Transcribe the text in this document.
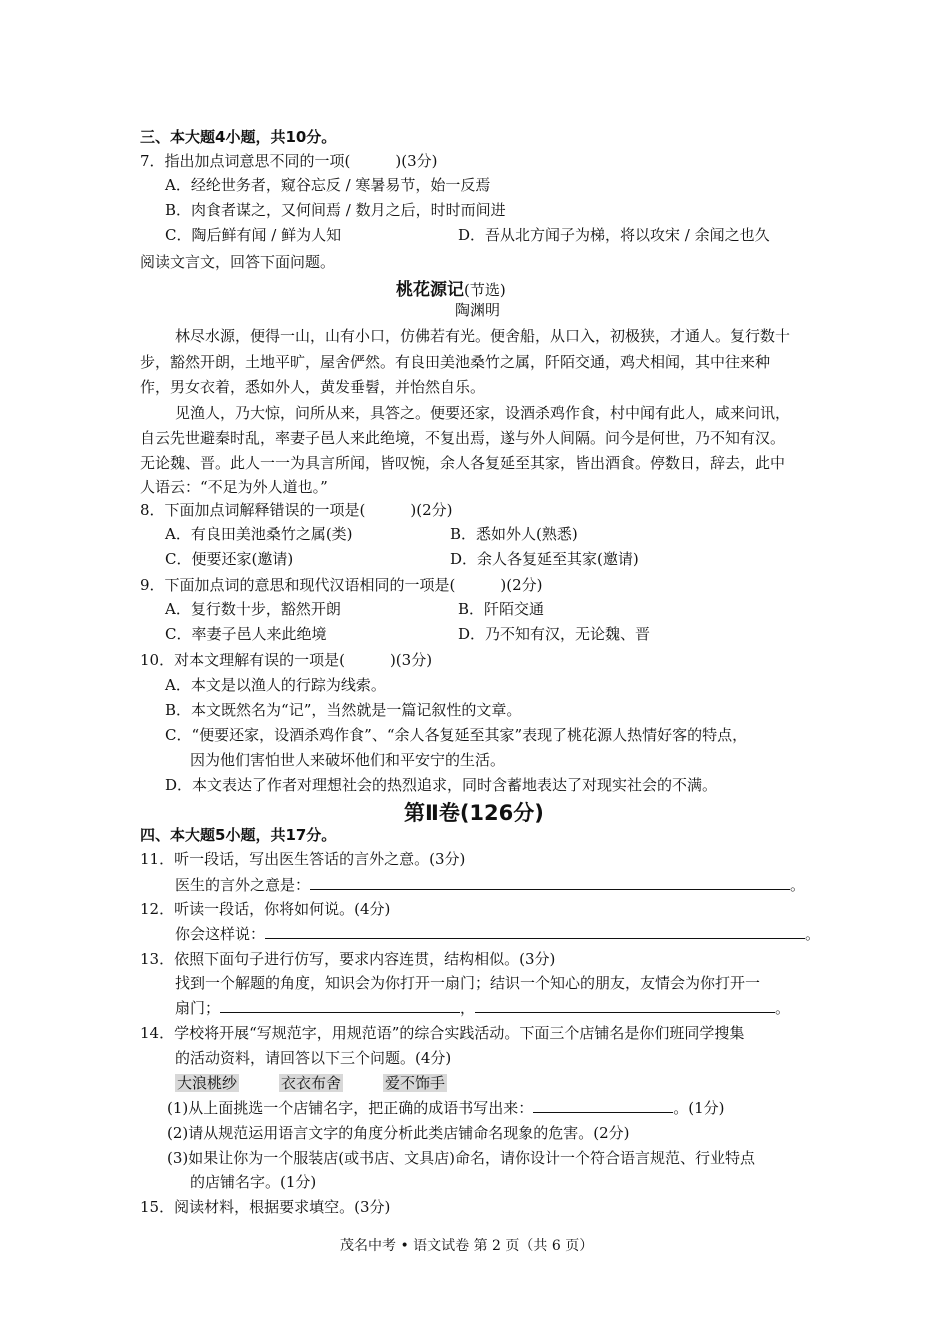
三、本大题4小题，共10分。
7．指出加点词意思不同的一项(　　　)(3分)
A．经纶世务者，窥谷忘反 / 寒暑易节，始一反焉
B．肉食者谋之，又何间焉 / 数月之后，时时而间进
C．陶后鲜有闻 / 鲜为人知	D．吾从北方闻子为梯，将以攻宋 / 余闻之也久
阅读文言文，回答下面问题。
桃花源记(节选)
陶渊明
林尽水源，便得一山，山有小口，仿佛若有光。便舍船，从口入，初极狭，才通人。复行数十
步，豁然开朗，土地平旷，屋舍俨然。有良田美池桑竹之属，阡陌交通，鸡犬相闻，其中往来种
作，男女衣着，悉如外人，黄发垂髫，并怡然自乐。
见渔人，乃大惊，问所从来，具答之。便要还家，设酒杀鸡作食，村中闻有此人，咸来问讯，
自云先世避秦时乱，率妻子邑人来此绝境，不复出焉，遂与外人间隔。问今是何世，乃不知有汉。
无论魏、晋。此人一一为具言所闻，皆叹惋，余人各复延至其家，皆出酒食。停数日，辞去，此中
人语云：“不足为外人道也。”
8．下面加点词解释错误的一项是(　　　)(2分)
A．有良田美池桑竹之属(类)	B．悉如外人(熟悉)
C．便要还家(邀请)	D．余人各复延至其家(邀请)
9．下面加点词的意思和现代汉语相同的一项是(　　　)(2分)
A．复行数十步，豁然开朗	B．阡陌交通
C．率妻子邑人来此绝境	D．乃不知有汉，无论魏、晋
10．对本文理解有误的一项是(　　　)(3分)
A．本文是以渔人的行踪为线索。
B．本文既然名为“记”，当然就是一篇记叙性的文章。
C．“便要还家，设酒杀鸡作食”、“余人各复延至其家”表现了桃花源人热情好客的特点，
因为他们害怕世人来破坏他们和平安宁的生活。
D．本文表达了作者对理想社会的热烈追求，同时含蓄地表达了对现实社会的不满。
第Ⅱ卷(126分)
四、本大题5小题，共17分。
11．听一段话，写出医生答话的言外之意。(3分)
医生的言外之意是：	。
12．听读一段话，你将如何说。(4分)
你会这样说：	。
13．依照下面句子进行仿写，要求内容连贯，结构相似。(3分)
找到一个解题的角度，知识会为你打开一扇门；结识一个知心的朋友，友情会为你打开一
扇门；	，	。
14．学校将开展“写规范字，用规范语”的综合实践活动。下面三个店铺名是你们班同学搜集
的活动资料，请回答以下三个问题。(4分)
大浪桃纱	衣衣布舍	爱不饰手
(1)从上面挑选一个店铺名字，把正确的成语书写出来：	。(1分)
(2)请从规范运用语言文字的角度分析此类店铺命名现象的危害。(2分)
(3)如果让你为一个服装店(或书店、文具店)命名，请你设计一个符合语言规范、行业特点
的店铺名字。(1分)
15．阅读材料，根据要求填空。(3分)
茂名中考 • 语文试卷 第 2 页（共 6 页）
